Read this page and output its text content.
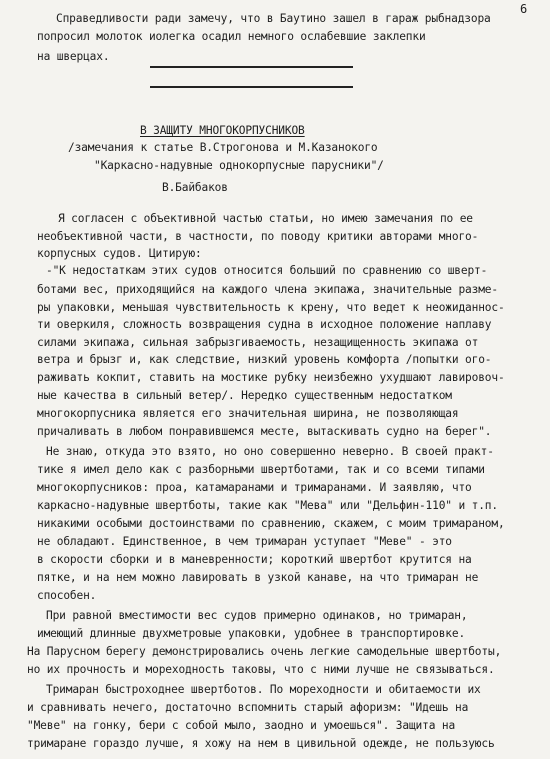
6
Справедливости ради замечу, что в Баутино зашел в гараж рыбнадзора
попросил молоток иолегка осадил немного ослабевшие заклепки
на шверцах.
В ЗАЩИТУ МНОГОКОРПУСНИКОВ
/замечания к статье В.Строгонова и М.Казанокого
"Каркасно-надувные однокорпусные парусники"/
В.Байбаков
Я согласен с объективной частью статьи, но имею замечания по ее
необъективной части, в частности, по поводу критики авторами много-
корпусных судов. Цитирую:
-"К недостаткам этих судов относится больший по сравнению со шверт-
ботами вес, приходящийся на каждого члена экипажа, значительные разме-
ры упаковки, меньшая чувствительность к крену, что ведет к неожиданнос-
ти оверкиля, сложность возвращения судна в исходное положение наплаву
силами экипажа, сильная забрызгиваемость, незащищенность экипажа от
ветра и брызг и, как следствие, низкий уровень комфорта /попытки ого-
раживать кокпит, ставить на мостике рубку неизбежно ухудшают лавировоч-
ные качества в сильный ветер/. Нередко существенным недостатком
многокорпусника является его значительная ширина, не позволяющая
причаливать в любом понравившемся месте, вытаскивать судно на берег".
Не знаю, откуда это взято, но оно совершенно неверно. В своей практ-
тике я имел дело как с разборными швертботами, так и со всеми типами
многокорпусников: проа, катамаранами и тримаранами. И заявляю, что
каркасно-надувные швертботы, такие как "Мева" или "Дельфин-110" и т.п.
никакими особыми достоинствами по сравнению, скажем, с моим тримараном,
не обладают. Единственное, в чем тримаран уступает "Меве" - это
в скорости сборки и в маневренности; короткий швертбот крутится на
пятке, и на нем можно лавировать в узкой канаве, на что тримаран не
способен.
При равной вместимости вес судов примерно одинаков, но тримаран,
имеющий длинные двухметровые упаковки, удобнее в транспортировке.
На Парусном берегу демонстрировались очень легкие самодельные швертботы,
но их прочность и мореходность таковы, что с ними лучше не связываться.
Тримаран быстроходнее швертботов. По мореходности и обитаемости их
и сравнивать нечего, достаточно вспомнить старый афоризм: "Идешь на
"Меве" на гонку, бери с собой мыло, заодно и умоешься". Защита на
тримаране гораздо лучше, я хожу на нем в цивильной одежде, не пользуюсь
